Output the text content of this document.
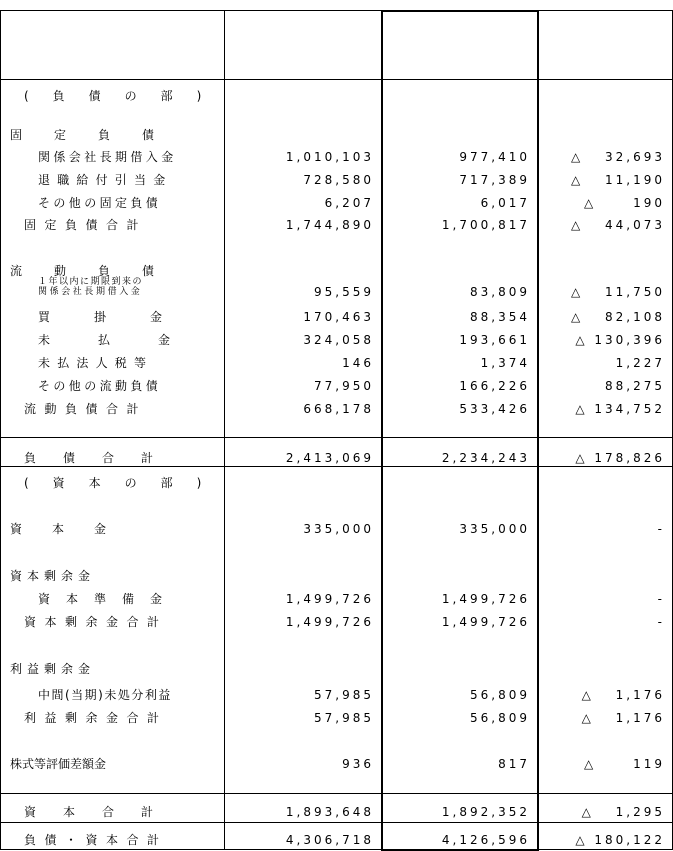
(　負　債　の　部　)
固　定　負　債
関係会社長期借入金	1,010,103	977,410	△　 32,693
退職給付引当金	728,580	717,389	△　 11,190
その他の固定負債	6,207	6,017	△　　 190
固定負債合計	1,744,890	1,700,817	△　 44,073
流　動　負　債
１年以内に期限到来の
関係会社長期借入金	95,559	83,809	△　 11,750
買　　　掛　　　金	170,463	88,354	△　 82,108
未　　　　払　　　　金	324,058	193,661	△ 130,396
未払法人税等	146	1,374	1,227
その他の流動負債	77,950	166,226	88,275
流動負債合計	668,178	533,426	△ 134,752
負　　債　　合　　計	2,413,069	2,234,243	△ 178,826
(　資　本　の　部　)
資　　本　　金	335,000	335,000	-
資本剰余金
資　本　準　備　金	1,499,726	1,499,726	-
資本剰余金合計	1,499,726	1,499,726	-
利益剰余金
中間(当期)未処分利益	57,985	56,809	△　 1,176
利益剰余金合計	57,985	56,809	△　 1,176
株式等評価差額金	936	817	△　　 119
資　　本　　合　　計	1,893,648	1,892,352	△　 1,295
負債・資本合計	4,306,718	4,126,596	△ 180,122
